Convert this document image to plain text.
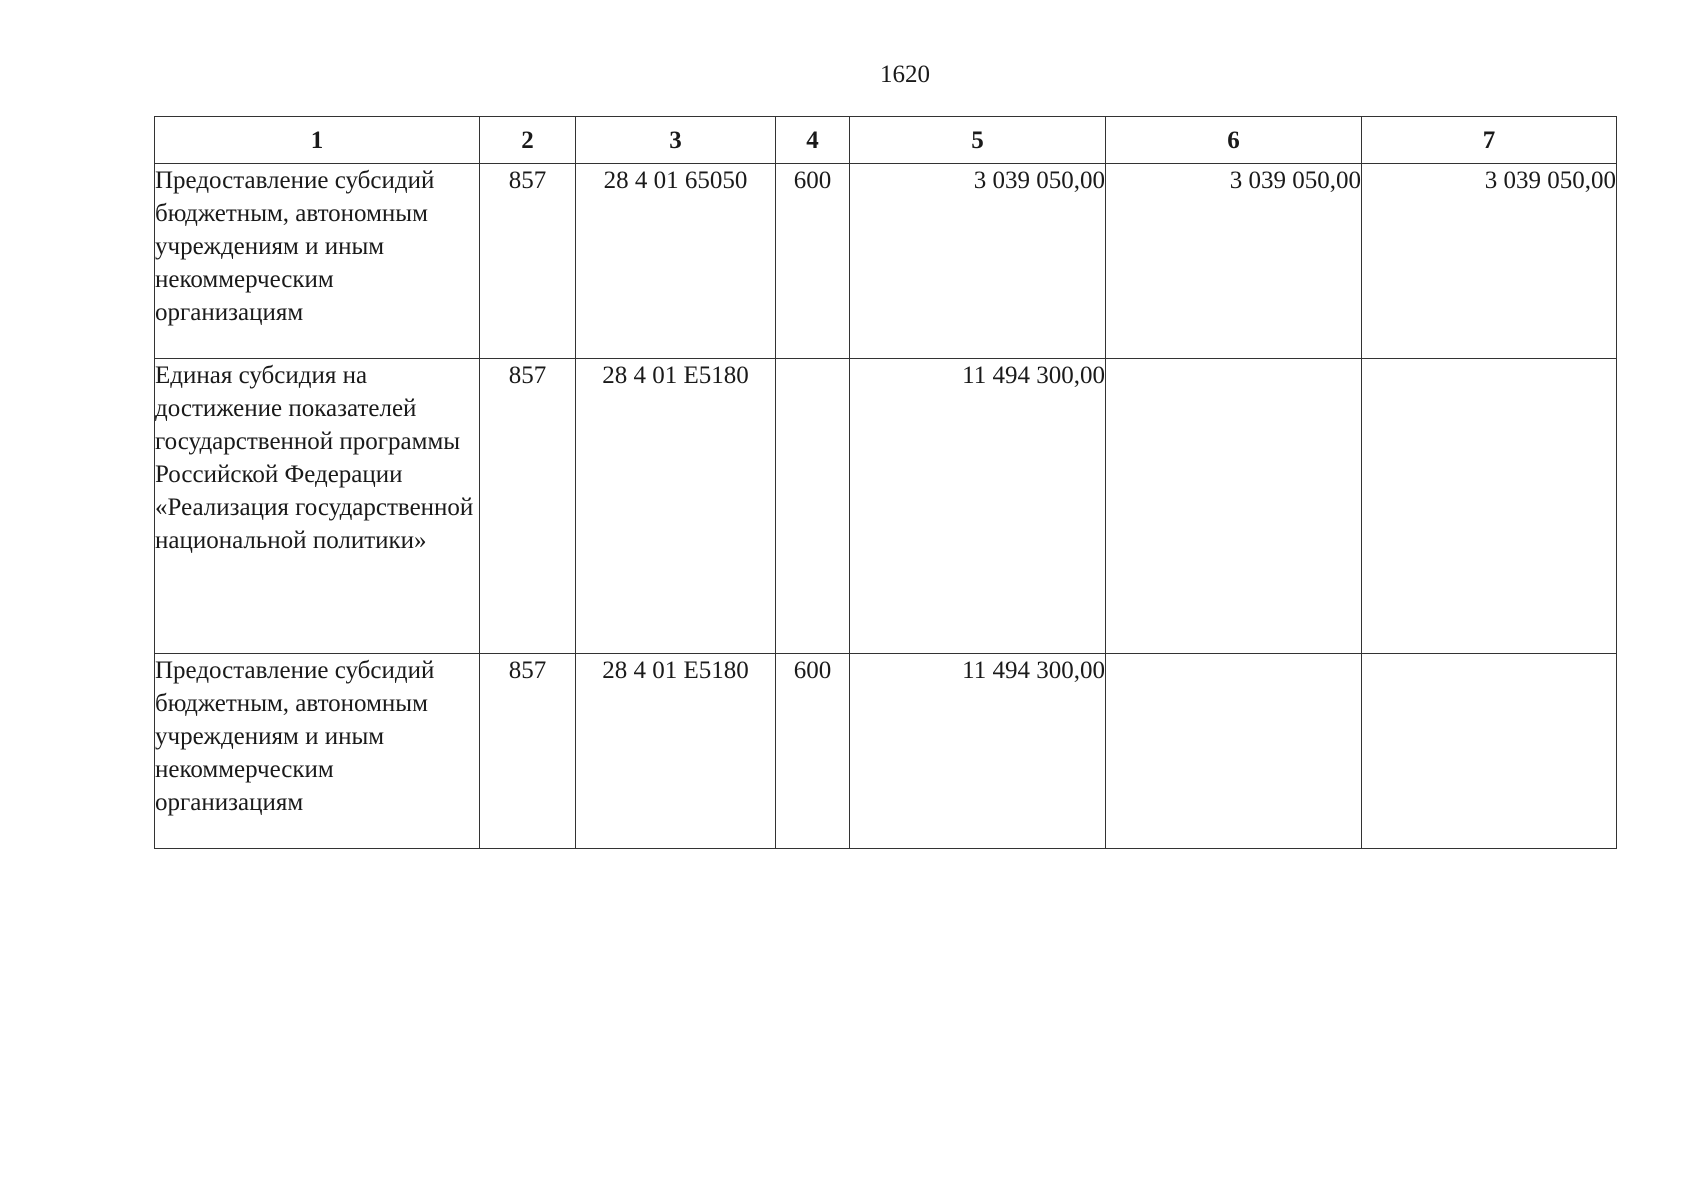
1620
1	2	3	4	5	6	7
Предоставление субсидий бюджетным, автономным учреждениям и иным некоммерческим организациям	857	28 4 01 65050	600	3 039 050,00	3 039 050,00	3 039 050,00
Единая субсидия на достижение показателей государственной программы Российской Федерации «Реализация государственной национальной политики»	857	28 4 01 E5180		11 494 300,00		
Предоставление субсидий бюджетным, автономным учреждениям и иным некоммерческим организациям	857	28 4 01 E5180	600	11 494 300,00		
